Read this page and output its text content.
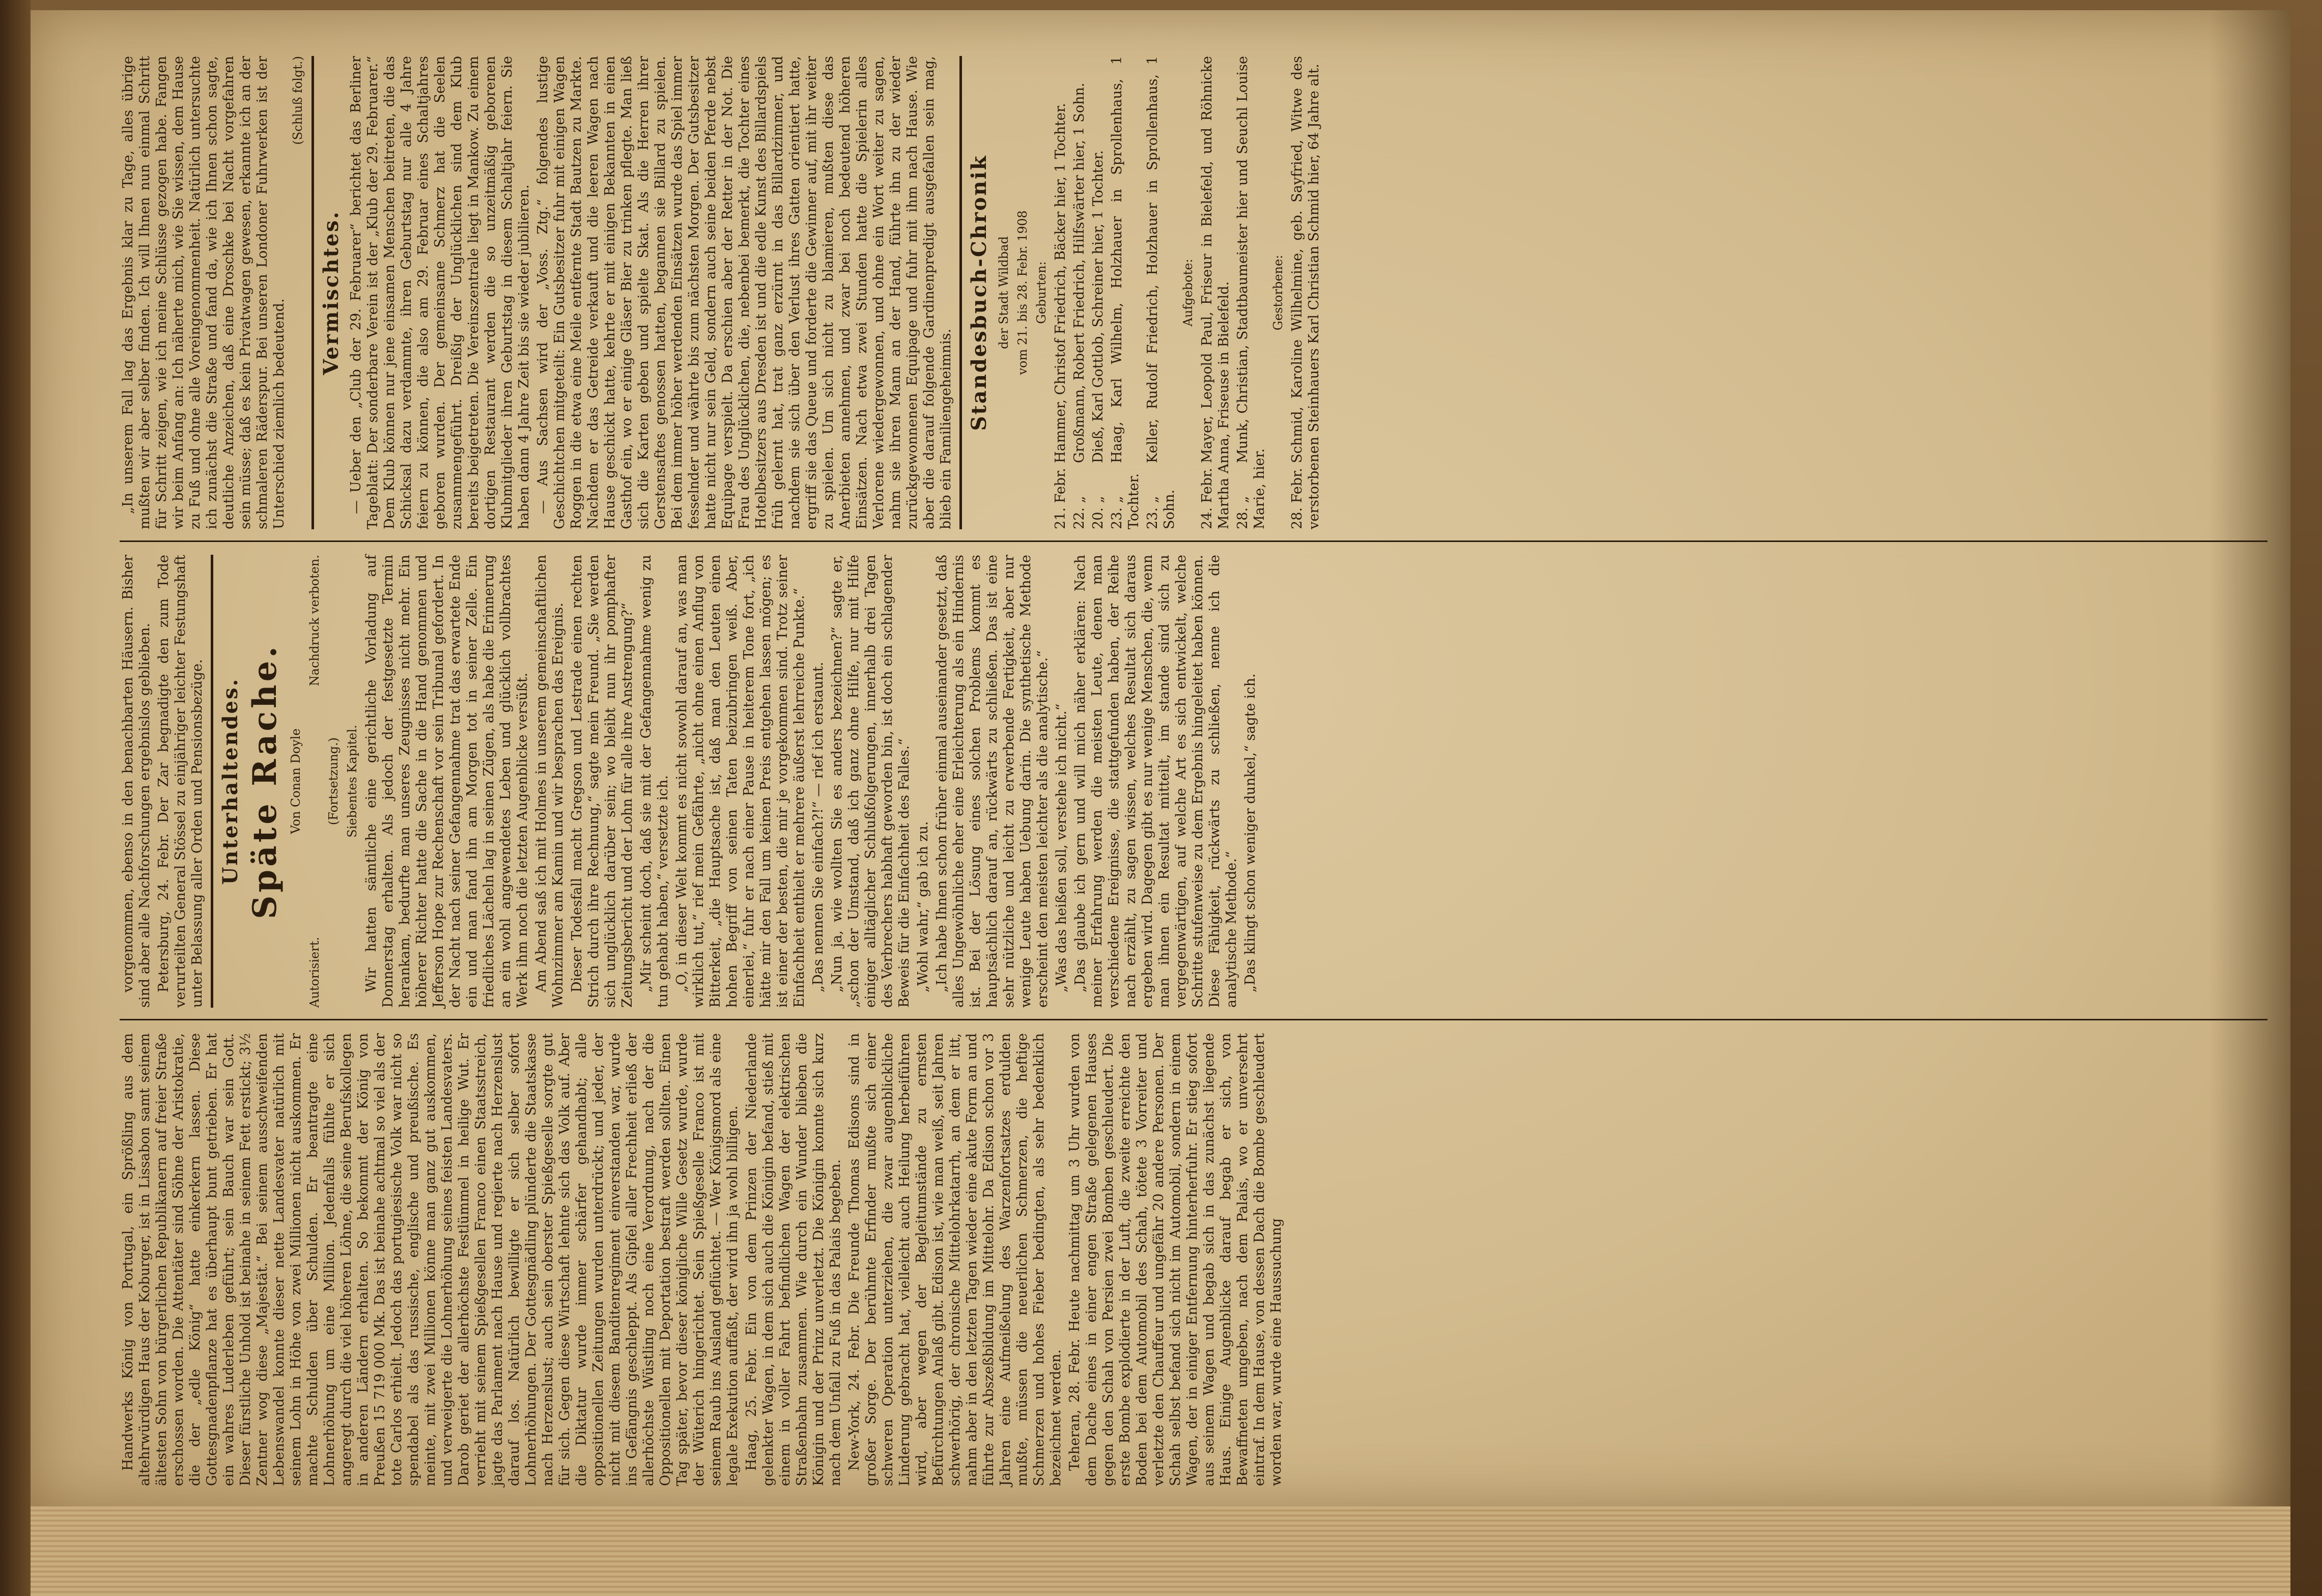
Handwerks König von Portugal, ein Sprößling aus dem altehrwürdigen Haus der Koburger, ist in Lissabon samt seinem ältesten Sohn von bürgerlichen Republikanern auf freier Straße erschossen worden. Die Attentäter sind Söhne der Aristokratie, die der „edle König“ hatte einkerkern lassen. Diese Gottesgnadenpflanze hat es überhaupt bunt getrieben. Er hat ein wahres Luderleben geführt; sein Bauch war sein Gott. Dieser fürstliche Unhold ist beinahe in seinem Fett erstickt; 3½ Zentner wog diese „Majestät.“ Bei seinem ausschweifenden Lebenswandel konnte dieser nette Landesvater natürlich mit seinem Lohn in Höhe von zwei Millionen nicht auskommen. Er machte Schulden über Schulden. Er beantragte eine Lohnerhöhung um eine Million. Jedenfalls fühlte er sich angeregt durch die viel höheren Löhne, die seine Berufskollegen in anderen Ländern erhalten. So bekommt der König von Preußen 15 719 000 Mk. Das ist beinahe achtmal so viel als der tote Carlos erhielt. Jedoch das portugiesische Volk war nicht so spendabel als das russische, englische und preußische. Es meinte, mit zwei Millionen könne man ganz gut auskommen, und verweigerte die Lohnerhöhung seines feisten Landesvaters. Darob geriet der allerhöchste Festlümmel in heilige Wut. Er verrieht mit seinem Spießgesellen Franco einen Staatsstreich, jagte das Parlament nach Hause und regierte nach Herzenslust darauf los. Natürlich bewilligte er sich selber sofort Lohnerhöhungen. Der Gottesgnädling plünderte die Staatskasse nach Herzenslust; auch sein oberster Spießgeselle sorgte gut für sich. Gegen diese Wirtschaft lehnte sich das Volk auf. Aber die Diktatur wurde immer schärfer gehandhabt; alle oppositionellen Zeitungen wurden unterdrückt; und jeder, der nicht mit diesem Banditenregiment einverstanden war, wurde ins Gefängnis geschleppt. Als Gipfel aller Frechheit erließ der allerhöchste Wüstling noch eine Verordnung, nach der die Oppositionellen mit Deportation bestraft werden sollten. Einen Tag später, bevor dieser königliche Wille Gesetz wurde, wurde der Wüterich hingerichtet. Sein Spießgeselle Franco ist mit seinem Raub ins Ausland geflüchtet. — Wer Königsmord als eine legale Exekution auffaßt, der wird ihn ja wohl billigen. Haag, 25. Febr. Ein von dem Prinzen der Niederlande gelenkter Wagen, in dem sich auch die Königin befand, stieß mit einem in voller Fahrt befindlichen Wagen der elektrischen Straßenbahn zusammen. Wie durch ein Wunder blieben die Königin und der Prinz unverletzt. Die Königin konnte sich kurz nach dem Unfall zu Fuß in das Palais begeben. New-York, 24. Febr. Die Freunde Thomas Edisons sind in großer Sorge. Der berühmte Erfinder mußte sich einer schweren Operation unterziehen, die zwar augenblickliche Linderung gebracht hat, vielleicht auch Heilung herbeiführen wird, aber wegen der Begleitumstände zu ernsten Befürchtungen Anlaß gibt. Edison ist, wie man weiß, seit Jahren schwerhörig, der chronische Mittelohrkatarrh, an dem er litt, nahm aber in den letzten Tagen wieder eine akute Form an und führte zur Abszeßbildung im Mittelohr. Da Edison schon vor 3 Jahren eine Aufmeißelung des Warzenfortsatzes erdulden mußte, müssen die neuerlichen Schmerzen, die heftige Schmerzen und hohes Fieber bedingten, als sehr bedenklich bezeichnet werden. Teheran, 28. Febr. Heute nachmittag um 3 Uhr wurden von dem Dache eines in einer engen Straße gelegenen Hauses gegen den Schah von Persien zwei Bomben geschleudert. Die erste Bombe explodierte in der Luft, die zweite erreichte den Boden bei dem Automobil des Schah, tötete 3 Vorreiter und verletzte den Chauffeur und ungefähr 20 andere Personen. Der Schah selbst befand sich nicht im Automobil, sondern in einem Wagen, der in einiger Entfernung hinterherfuhr. Er stieg sofort aus seinem Wagen und begab sich in das zunächst liegende Haus. Einige Augenblicke darauf begab er sich, von Bewaffneten umgeben, nach dem Palais, wo er unversehrt eintraf. In dem Hause, von dessen Dach die Bombe geschleudert worden war, wurde eine Haussuchung

vorgenommen, ebenso in den benachbarten Häusern. Bisher sind aber alle Nachforschungen ergebnislos geblieben. Petersburg, 24. Febr. Der Zar begnadigte den zum Tode verurteilten General Stössel zu einjähriger leichter Festungshaft unter Belassung aller Orden und Pensionsbezüge. Unterhaltendes. Späte Rache. Von Conan Doyle

Autorisiert.
Nachdruck verboten.

(Fortsetzung.) Siebentes Kapitel. Wir hatten sämtliche eine gerichtliche Vorladung auf Donnerstag erhalten. Als jedoch der festgesetzte Termin herankam, bedurfte man unseres Zeugnisses nicht mehr. Ein höherer Richter hatte die Sache in die Hand genommen und Jefferson Hope zur Rechenschaft vor sein Tribunal gefordert. In der Nacht nach seiner Gefangennahme trat das erwartete Ende ein und man fand ihn am Morgen tot in seiner Zelle. Ein friedliches Lächeln lag in seinen Zügen, als habe die Erinnerung an ein wohl angewendetes Leben und glücklich vollbrachtes Werk ihm noch die letzten Augenblicke versüßt. Am Abend saß ich mit Holmes in unserem gemeinschaftlichen Wohnzimmer am Kamin und wir besprachen das Ereignis. Dieser Todesfall macht Gregson und Lestrade einen rechten Strich durch ihre Rechnung,“ sagte mein Freund. „Sie werden sich unglücklich darüber sein; wo bleibt nun ihr pomphafter Zeitungsbericht und der Lohn für alle ihre Anstrengung?“ „Mir scheint doch, daß sie mit der Gefangennahme wenig zu tun gehabt haben,“ versetzte ich. „O, in dieser Welt kommt es nicht sowohl darauf an, was man wirklich tut,“ rief mein Gefährte, „nicht ohne einen Anflug von Bitterkeit, „die Hauptsache ist, daß man den Leuten einen hohen Begriff von seinen Taten beizubringen weiß. Aber, einerlei,“ fuhr er nach einer Pause in heiterem Tone fort, „ich hätte mir den Fall um keinen Preis entgehen lassen mögen; es ist einer der besten, die mir je vorgekommen sind. Trotz seiner Einfachheit enthielt er mehrere äußerst lehrreiche Punkte.“ „Das nennen Sie einfach?!“ — rief ich erstaunt. „Nun ja, wie wollten Sie es anders bezeichnen?“ sagte er, „schon der Umstand, daß ich ganz ohne Hilfe, nur mit Hilfe einiger alltäglicher Schlußfolgerungen, innerhalb drei Tagen des Verbrechers habhaft geworden bin, ist doch ein schlagender Beweis für die Einfachheit des Falles.“ „Wohl wahr,“ gab ich zu. „Ich habe Ihnen schon früher einmal auseinander gesetzt, daß alles Ungewöhnliche eher eine Erleichterung als ein Hindernis ist. Bei der Lösung eines solchen Problems kommt es hauptsächlich darauf an, rückwärts zu schließen. Das ist eine sehr nützliche und leicht zu erwerbende Fertigkeit, aber nur wenige Leute haben Uebung darin. Die synthetische Methode erscheint den meisten leichter als die analytische.“ „Was das heißen soll, verstehe ich nicht.“ „Das glaube ich gern und will mich näher erklären: Nach meiner Erfahrung werden die meisten Leute, denen man verschiedene Ereignisse, die stattgefunden haben, der Reihe nach erzählt, zu sagen wissen, welches Resultat sich daraus ergeben wird. Dagegen gibt es nur wenige Menschen, die, wenn man ihnen ein Resultat mitteilt, im stande sind sich zu vergegenwärtigen, auf welche Art es sich entwickelt, welche Schritte stufenweise zu dem Ergebnis hingeleitet haben können. Diese Fähigkeit, rückwärts zu schließen, nenne ich die analytische Methode.“ „Das klingt schon weniger dunkel,“ sagte ich.

„In unserem Fall lag das Ergebnis klar zu Tage, alles übrige mußten wir aber selber finden. Ich will Ihnen nun einmal Schritt für Schritt zeigen, wie ich meine Schlüsse gezogen habe. Fangen wir beim Anfang an: Ich näherte mich, wie Sie wissen, dem Hause zu Fuß und ohne alle Voreingenommenheit. Natürlich untersuchte ich zunächst die Straße und fand da, wie ich Ihnen schon sagte, deutliche Anzeichen, daß eine Droschke bei Nacht vorgefahren sein müsse; daß es kein Privatwagen gewesen, erkannte ich an der schmaleren Räderspur. Bei unseren Londoner Fuhrwerken ist der Unterschied ziemlich bedeutend.

(Schluß folgt.)

Vermischtes. — Ueber den „Club der 29. Februarer“ berichtet das Berliner Tageblatt: Der sonderbare Verein ist der „Klub der 29. Februarer.“ Dem Klub können nur jene einsamen Menschen beitreten, die das Schicksal dazu verdammte, ihren Geburtstag nur alle 4 Jahre feiern zu können, die also am 29. Februar eines Schaltjahres geboren wurden. Der gemeinsame Schmerz hat die Seelen zusammengeführt. Dreißig der Unglücklichen sind dem Klub bereits beigetreten. Die Vereinszentrale liegt in Mankow. Zu einem dortigen Restaurant werden die so unzeitmäßig geborenen Klubmitglieder ihren Geburtstag in diesem Schaltjahr feiern. Sie haben dann 4 Jahre Zeit bis sie wieder jubilieren. — Aus Sachsen wird der „Voss. Ztg.“ folgendes lustige Geschichtchen mitgeteilt: Ein Gutsbesitzer fuhr mit einigen Wagen Roggen in die etwa eine Meile entfernte Stadt Bautzen zu Markte. Nachdem er das Getreide verkauft und die leeren Wagen nach Hause geschickt hatte, kehrte er mit einigen Bekannten in einen Gasthof ein, wo er einige Gläser Bier zu trinken pflegte. Man ließ sich die Karten geben und spielte Skat. Als die Herren ihrer Gerstensaftes genossen hatten, begannen sie Billard zu spielen. Bei dem immer höher werdenden Einsätzen wurde das Spiel immer fesselnder und währte bis zum nächsten Morgen. Der Gutsbesitzer hatte nicht nur sein Geld, sondern auch seine beiden Pferde nebst Equipage verspielt. Da erschien aber der Retter in der Not. Die Frau des Unglücklichen, die, nebenbei bemerkt, die Tochter eines Hotelbesitzers aus Dresden ist und die edle Kunst des Billardspiels früh gelernt hat, trat ganz erzürnt in das Billardzimmer, und nachdem sie sich über den Verlust ihres Gatten orientiert hatte, ergriff sie das Queue und forderte die Gewinner auf, mit ihr weiter zu spielen. Um sich nicht zu blamieren, mußten diese das Anerbieten annehmen, und zwar bei noch bedeutend höheren Einsätzen. Nach etwa zwei Stunden hatte die Spielerin alles Verlorene wiedergewonnen, und ohne ein Wort weiter zu sagen, nahm sie ihren Mann an der Hand, führte ihn zu der wieder zurückgewonnenen Equipage und fuhr mit ihm nach Hause. Wie aber die darauf folgende Gardinenpredigt ausgefallen sein mag, blieb ein Familiengeheimnis. Standesbuch-Chronik der Stadt Wildbad vom 21. bis 28. Febr. 1908 Geburten:

21. Febr.Hammer, Christof Friedrich, Bäcker hier, 1 Tochter.

22. „Großmann, Robert Friedrich, Hilfswärter hier, 1 Sohn.

20. „Dieß, Karl Gottlob, Schreiner hier, 1 Tochter.

23. „Haag, Karl Wilhelm, Holzhauer in Sprollenhaus, 1 Tochter. 23. „Keller, Rudolf Friedrich, Holzhauer in Sprollenhaus, 1 Sohn.

Aufgebote:

24. Febr.Mayer, Leopold Paul, Friseur in Bielefeld, und Röhnicke Martha Anna, Friseuse in Bielefeld. 28. „Munk, Christian, Stadtbaumeister hier und Seuchl Louise Marie, hier.

Gestorbene:

28. Febr.Schmid, Karoline Wilhelmine, geb. Sayfried, Witwe des verstorbenen Steinhauers Karl Christian Schmid hier, 64 Jahre alt.
